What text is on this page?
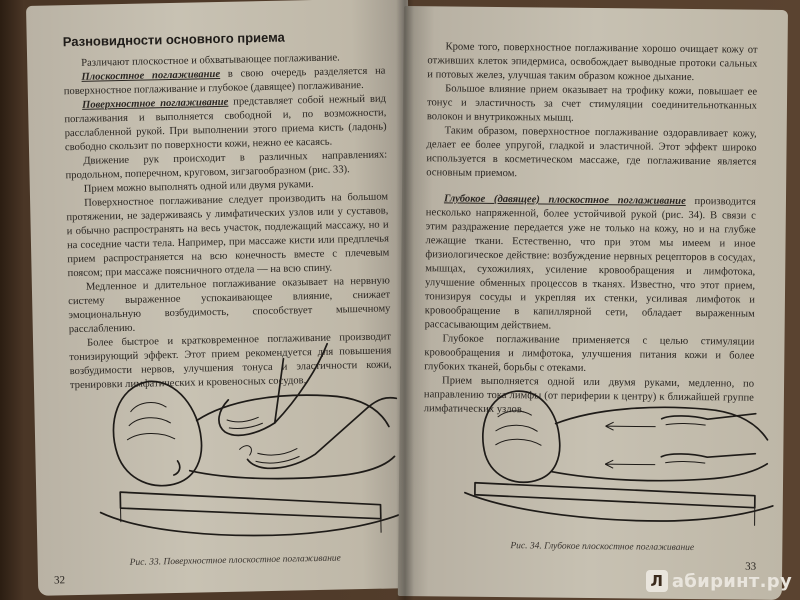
Разновидности основного приема

Различают плоскостное и обхватывающее поглаживание.

Плоскостное поглаживание в свою очередь разделяется на поверхностное поглаживание и глубокое (давящее) поглаживание.

Поверхностное поглаживание представляет собой нежный вид поглаживания и выполняется свободной и, по возможности, расслабленной рукой. При выполнении этого приема кисть (ладонь) свободно скользит по поверхности кожи, нежно ее касаясь.

Движение рук происходит в различных направлениях: продольном, поперечном, круговом, зигзагообразном (рис. 33).

Прием можно выполнять одной или двумя руками.

Поверхностное поглаживание следует производить на большом протяжении, не задерживаясь у лимфатических узлов или у суставов, и обычно распространять на весь участок, подлежащий массажу, но и на соседние части тела. Например, при массаже кисти или предплечья прием распространяется на всю конечность вместе с плечевым поясом; при массаже поясничного отдела — на всю спину.

Медленное и длительное поглаживание оказывает на нервную систему выраженное успокаивающее влияние, снижает эмоциональную возбудимость, способствует мышечному расслаблению.

Более быстрое и кратковременное поглаживание производит тонизирующий эффект. Этот прием рекомендуется для повышения возбудимости нервов, улучшения тонуса и эластичности кожи, тренировки лимфатических и кровеносных сосудов.

Рис. 33. Поверхностное плоскостное поглаживание
32

Кроме того, поверхностное поглаживание хорошо очищает кожу от отживших клеток эпидермиса, освобождает выводные протоки сальных и потовых желез, улучшая таким образом кожное дыхание.

Большое влияние прием оказывает на трофику кожи, повышает ее тонус и эластичность за счет стимуляции соединительнотканных волокон и внутрикожных мышц.

Таким образом, поверхностное поглаживание оздоравливает кожу, делает ее более упругой, гладкой и эластичной. Этот эффект широко используется в косметическом массаже, где поглаживание является основным приемом.

Глубокое (давящее) плоскостное поглаживание производится несколько напряженной, более устойчивой рукой (рис. 34). В связи с этим раздражение передается уже не только на кожу, но и на глубже лежащие ткани. Естественно, что при этом мы имеем и иное физиологическое действие: возбуждение нервных рецепторов в сосудах, мышцах, сухожилиях, усиление кровообращения и лимфотока, улучшение обменных процессов в тканях. Известно, что этот прием, тонизируя сосуды и укрепляя их стенки, усиливая лимфоток и кровообращение в капиллярной сети, обладает выраженным рассасывающим действием.

Глубокое поглаживание применяется с целью стимуляции кровообращения и лимфотока, улучшения питания кожи и более глубоких тканей, борьбы с отеками.

Прием выполняется одной или двумя руками, медленно, по направлению тока лимфы (от периферии к центру) к ближайшей группе лимфатических узлов.

Рис. 34. Глубокое плоскостное поглаживание
33
Л абиринт.ру
